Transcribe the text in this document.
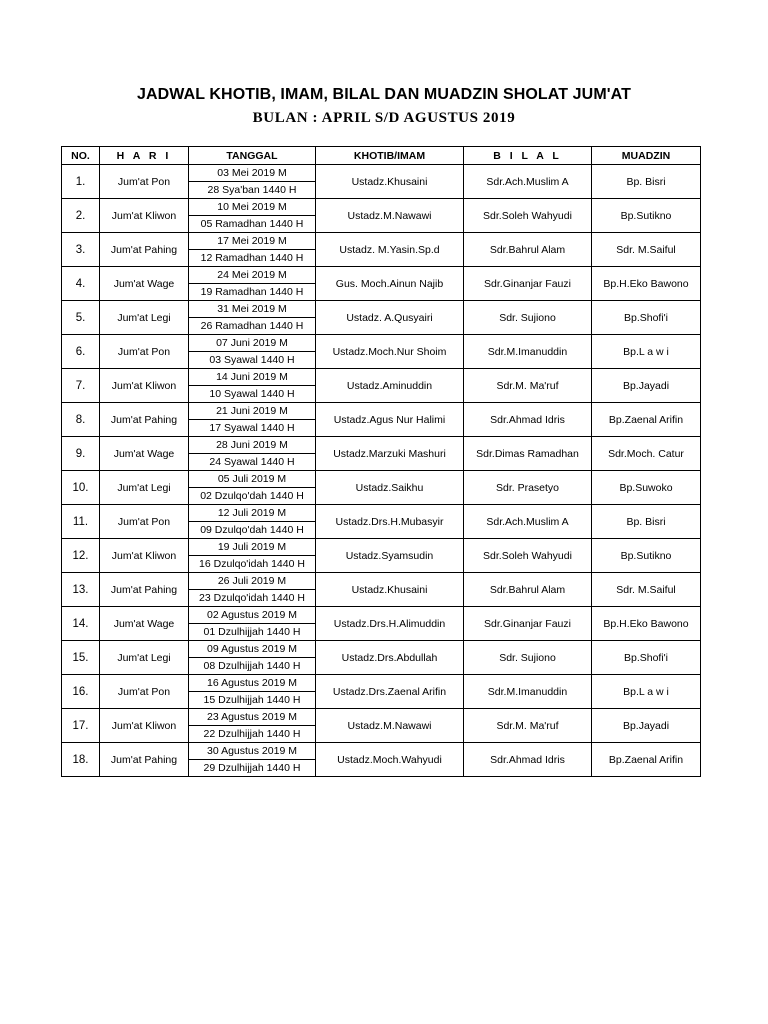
JADWAL KHOTIB, IMAM, BILAL DAN MUADZIN SHOLAT JUM'AT
BULAN : APRIL S/D AGUSTUS 2019
NO.	H A R I	TANGGAL	KHOTIB/IMAM	B I L A L	MUADZIN
1.	Jum'at Pon	03 Mei 2019 M	Ustadz.Khusaini	Sdr.Ach.Muslim A	Bp. Bisri
		28 Sya'ban 1440 H			
2.	Jum'at Kliwon	10 Mei 2019 M	Ustadz.M.Nawawi	Sdr.Soleh Wahyudi	Bp.Sutikno
		05 Ramadhan 1440 H			
3.	Jum'at Pahing	17 Mei 2019 M	Ustadz. M.Yasin.Sp.d	Sdr.Bahrul Alam	Sdr. M.Saiful
		12 Ramadhan 1440 H			
4.	Jum'at Wage	24 Mei 2019 M	Gus. Moch.Ainun Najib	Sdr.Ginanjar Fauzi	Bp.H.Eko Bawono
		19 Ramadhan 1440 H			
5.	Jum'at Legi	31 Mei 2019 M	Ustadz. A.Qusyairi	Sdr. Sujiono	Bp.Shofi'i
		26 Ramadhan 1440 H			
6.	Jum'at Pon	07 Juni 2019 M	Ustadz.Moch.Nur Shoim	Sdr.M.Imanuddin	Bp.L a w i
		03 Syawal 1440 H			
7.	Jum'at Kliwon	14 Juni 2019 M	Ustadz.Aminuddin	Sdr.M. Ma'ruf	Bp.Jayadi
		10 Syawal 1440 H			
8.	Jum'at Pahing	21 Juni 2019 M	Ustadz.Agus Nur Halimi	Sdr.Ahmad Idris	Bp.Zaenal Arifin
		17 Syawal 1440 H			
9.	Jum'at Wage	28 Juni 2019 M	Ustadz.Marzuki Mashuri	Sdr.Dimas Ramadhan	Sdr.Moch. Catur
		24 Syawal 1440 H			
10.	Jum'at Legi	05 Juli 2019 M	Ustadz.Saikhu	Sdr. Prasetyo	Bp.Suwoko
		02 Dzulqo'dah 1440 H			
11.	Jum'at Pon	12 Juli 2019 M	Ustadz.Drs.H.Mubasyir	Sdr.Ach.Muslim A	Bp. Bisri
		09 Dzulqo'dah 1440 H			
12.	Jum'at Kliwon	19 Juli 2019 M	Ustadz.Syamsudin	Sdr.Soleh Wahyudi	Bp.Sutikno
		16 Dzulqo'idah 1440 H			
13.	Jum'at Pahing	26 Juli 2019 M	Ustadz.Khusaini	Sdr.Bahrul Alam	Sdr. M.Saiful
		23 Dzulqo'idah 1440 H			
14.	Jum'at Wage	02 Agustus 2019 M	Ustadz.Drs.H.Alimuddin	Sdr.Ginanjar Fauzi	Bp.H.Eko Bawono
		01 Dzulhijjah 1440 H			
15.	Jum'at Legi	09 Agustus 2019 M	Ustadz.Drs.Abdullah	Sdr. Sujiono	Bp.Shofi'i
		08 Dzulhijjah 1440 H			
16.	Jum'at Pon	16 Agustus 2019 M	Ustadz.Drs.Zaenal Arifin	Sdr.M.Imanuddin	Bp.L a w i
		15 Dzulhijjah 1440 H			
17.	Jum'at Kliwon	23 Agustus 2019 M	Ustadz.M.Nawawi	Sdr.M. Ma'ruf	Bp.Jayadi
		22 Dzulhijjah 1440 H			
18.	Jum'at Pahing	30 Agustus 2019 M	Ustadz.Moch.Wahyudi	Sdr.Ahmad Idris	Bp.Zaenal Arifin
		29 Dzulhijjah 1440 H			
